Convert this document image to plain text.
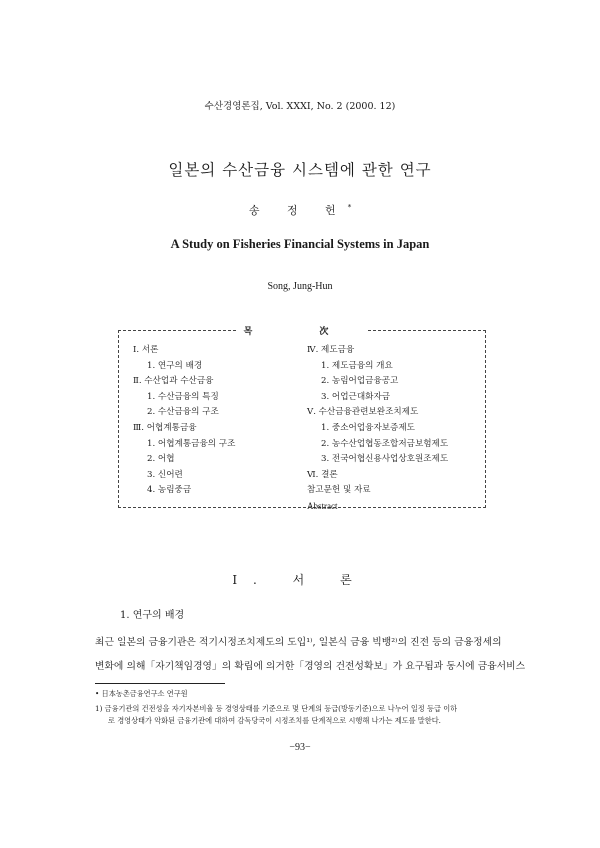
수산경영론집, Vol. ⅩⅩⅩⅠ, No. 2 (2000. 12)
일본의 수산금융 시스템에 관한 연구
송 정 헌*
A Study on Fisheries Financial Systems in Japan
Song, Jung-Hun
목 次
Ⅰ. 서론
1. 연구의 배경
Ⅱ. 수산업과 수산금융
1. 수산금융의 특징
2. 수산금융의 구조
Ⅲ. 어협계통금융
1. 어협계통금융의 구조
2. 어협
3. 신어련
4. 농림중금
Ⅳ. 제도금융
1. 제도금융의 개요
2. 농림어업금융공고
3. 어업근대화자금
Ⅴ. 수산금융관련보완조치제도
1. 중소어업융자보증제도
2. 농수산업협동조합저금보험제도
3. 전국어협신용사업상호원조제도
Ⅵ. 결론
참고문헌 및 자료
Abstract
Ⅰ. 서 론
1. 연구의 배경
최근 일본의 금융기관은 적기시정조치제도의 도입¹⁾, 일본식 금융 빅뱅²⁾의 진전 등의 금융정세의
변화에 의해「자기책임경영」의 확립에 의거한「경영의 건전성확보」가 요구됨과 동시에 금융서비스
• 日本농촌금융연구소 연구원
1) 금융기관의 건전성을 자기자본비율 등 경영상태를 기준으로 몇 단계의 등급(방동기준)으로 나누어 일정 등급 이하
로 경영상태가 악화된 금융기관에 대하여 감독당국이 시정조치를 단계적으로 시행해 나가는 제도를 말한다.
−93−
